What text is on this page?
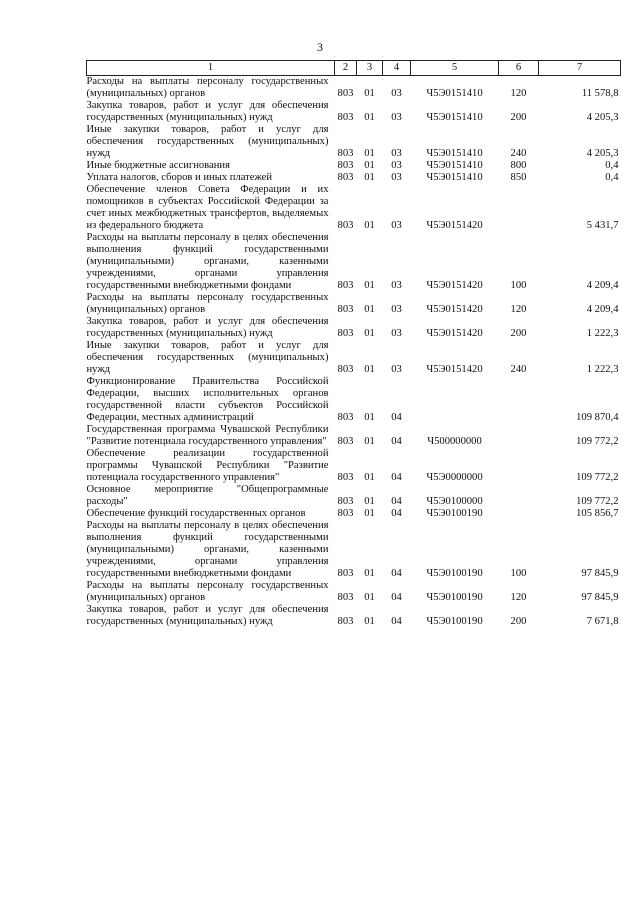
3
1	2	3	4	5	6	7
Расходы на выплаты персоналу государственных (муниципальных) органов	803	01	03	Ч5Э0151410	120	11 578,8
Закупка товаров, работ и услуг для обеспечения государственных (муниципальных) нужд	803	01	03	Ч5Э0151410	200	4 205,3
Иные закупки товаров, работ и услуг для обеспечения государственных (муниципальных) нужд	803	01	03	Ч5Э0151410	240	4 205,3
Иные бюджетные ассигнования	803	01	03	Ч5Э0151410	800	0,4
Уплата налогов, сборов и иных платежей	803	01	03	Ч5Э0151410	850	0,4
Обеспечение членов Совета Федерации и их помощников в субъектах Российской Федерации за счет иных межбюджетных трансфертов, выделяемых из федерального бюджета	803	01	03	Ч5Э0151420		5 431,7
Расходы на выплаты персоналу в целях обеспечения выполнения функций государственными (муниципальными) органами, казенными учреждениями, органами управления государственными внебюджетными фондами	803	01	03	Ч5Э0151420	100	4 209,4
Расходы на выплаты персоналу государственных (муниципальных) органов	803	01	03	Ч5Э0151420	120	4 209,4
Закупка товаров, работ и услуг для обеспечения государственных (муниципальных) нужд	803	01	03	Ч5Э0151420	200	1 222,3
Иные закупки товаров, работ и услуг для обеспечения государственных (муниципальных) нужд	803	01	03	Ч5Э0151420	240	1 222,3
Функционирование Правительства Российской Федерации, высших исполнительных органов государственной власти субъектов Российской Федерации, местных администраций	803	01	04			109 870,4
Государственная программа Чувашской Республики "Развитие потенциала государственного управления"	803	01	04	Ч500000000		109 772,2
Обеспечение реализации государственной программы Чувашской Республики "Развитие потенциала государственного управления"	803	01	04	Ч5Э0000000		109 772,2
Основное мероприятие "Общепрограммные расходы"	803	01	04	Ч5Э0100000		109 772,2
Обеспечение функций государственных органов	803	01	04	Ч5Э0100190		105 856,7
Расходы на выплаты персоналу в целях обеспечения выполнения функций государственными (муниципальными) органами, казенными учреждениями, органами управления государственными внебюджетными фондами	803	01	04	Ч5Э0100190	100	97 845,9
Расходы на выплаты персоналу государственных (муниципальных) органов	803	01	04	Ч5Э0100190	120	97 845,9
Закупка товаров, работ и услуг для обеспечения государственных (муниципальных) нужд	803	01	04	Ч5Э0100190	200	7 671,8
